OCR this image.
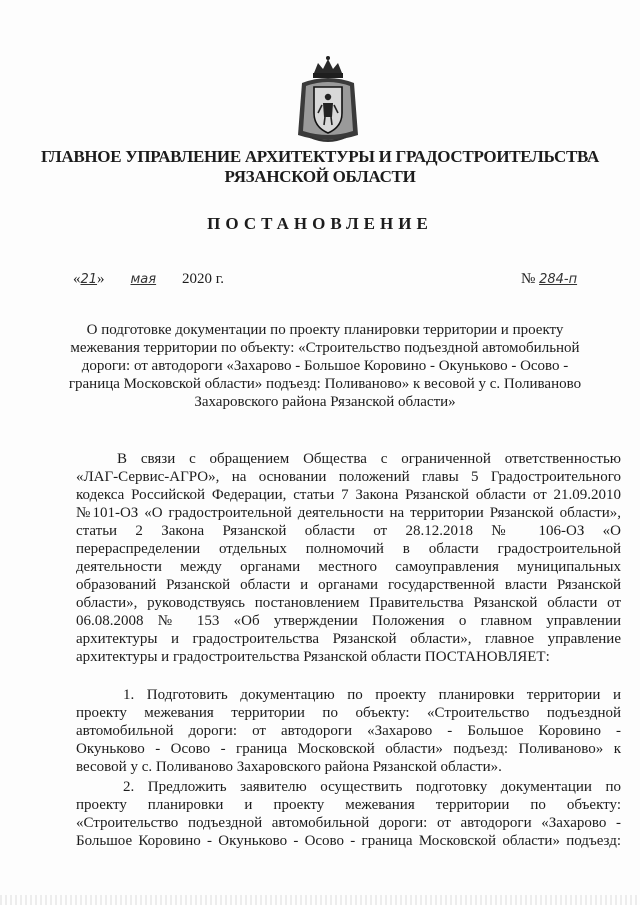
ГЛАВНОЕ УПРАВЛЕНИЕ АРХИТЕКТУРЫ И ГРАДОСТРОИТЕЛЬСТВА
РЯЗАНСКОЙ ОБЛАСТИ
ПОСТАНОВЛЕНИЕ
«21» мая 2020 г.	№ 284-п
О подготовке документации по проекту планировки территории и проекту
межевания территории по объекту: «Строительство подъездной автомобильной
дороги: от автодороги «Захарово - Большое Коровино - Окуньково - Осово -
граница Московской области» подъезд: Поливаново» к весовой у с. Поливаново
Захаровского района Рязанской области»
В связи с обращением Общества с ограниченной ответственностью
«ЛАГ-Сервис-АГРО», на основании положений главы 5 Градостроительного
кодекса Российской Федерации, статьи 7 Закона Рязанской области от 21.09.2010
№101-ОЗ «О градостроительной деятельности на территории Рязанской области»,
статьи 2 Закона Рязанской области от 28.12.2018 № 106-ОЗ «О
перераспределении отдельных полномочий в области градостроительной
деятельности между органами местного самоуправления муниципальных
образований Рязанской области и органами государственной власти Рязанской
области», руководствуясь постановлением Правительства Рязанской области от
06.08.2008 № 153 «Об утверждении Положения о главном управлении
архитектуры и градостроительства Рязанской области», главное управление
архитектуры и градостроительства Рязанской области ПОСТАНОВЛЯЕТ:
1. Подготовить документацию по проекту планировки территории и
проекту межевания территории по объекту: «Строительство подъездной
автомобильной дороги: от автодороги «Захарово - Большое Коровино -
Окуньково - Осово - граница Московской области» подъезд: Поливаново» к
весовой у с. Поливаново Захаровского района Рязанской области».
2. Предложить заявителю осуществить подготовку документации по
проекту планировки и проекту межевания территории по объекту:
«Строительство подъездной автомобильной дороги: от автодороги «Захарово -
Большое Коровино - Окуньково - Осово - граница Московской области» подъезд:
